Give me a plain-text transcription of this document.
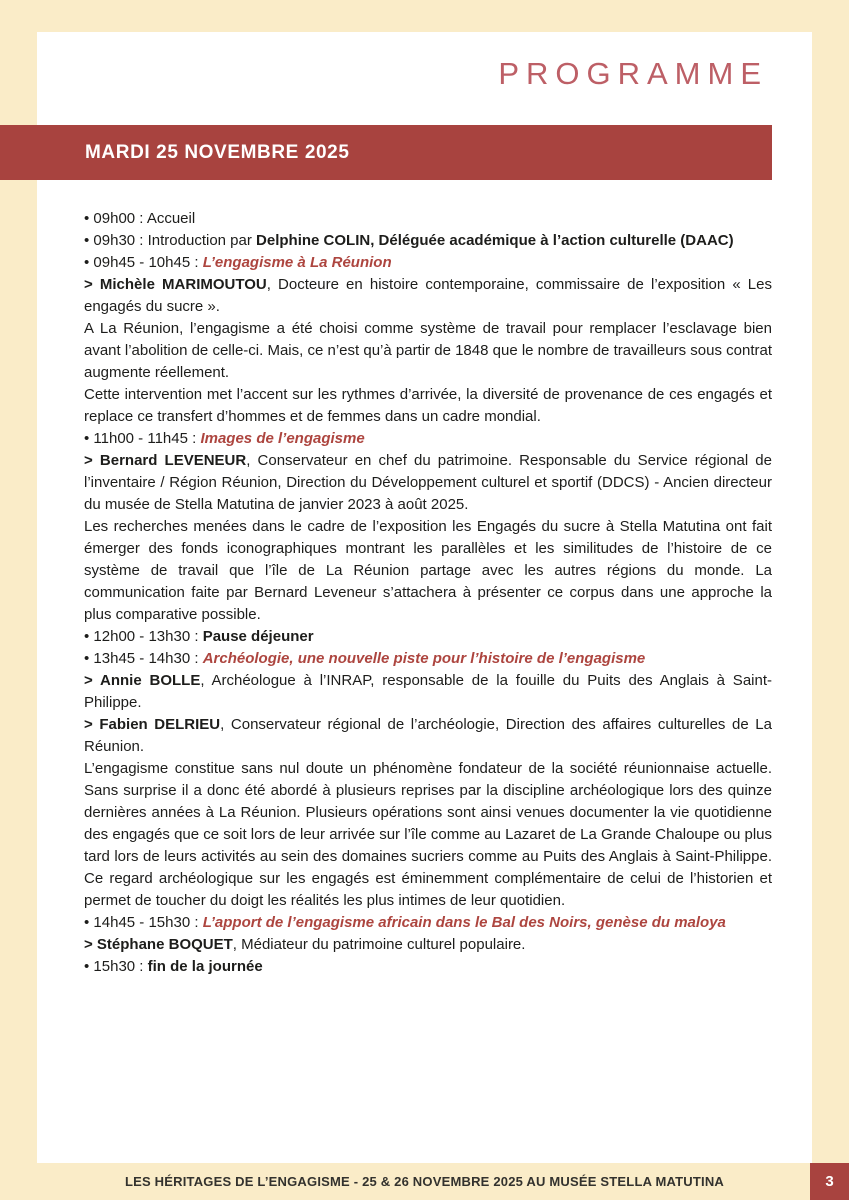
PROGRAMME

• 09h00 : Accueil

• 09h30 : Introduction par Delphine COLIN, Déléguée académique à l’action culturelle (DAAC)

• 09h45 - 10h45 : L’engagisme à La Réunion

> Michèle MARIMOUTOU, Docteure en histoire contemporaine, commissaire de l’exposition « Les engagés du sucre ».

A La Réunion, l’engagisme a été choisi comme système de travail pour remplacer l’esclavage bien avant l’abolition de celle-ci. Mais, ce n’est qu’à partir de 1848 que le nombre de travailleurs sous contrat augmente réellement.

Cette intervention met l’accent sur les rythmes d’arrivée, la diversité de provenance de ces engagés et replace ce transfert d’hommes et de femmes dans un cadre mondial.

• 11h00 - 11h45 : Images de l’engagisme

> Bernard LEVENEUR, Conservateur en chef du patrimoine. Responsable du Service régional de l’inventaire / Région Réunion, Direction du Développement culturel et sportif (DDCS) - Ancien directeur du musée de Stella Matutina de janvier 2023 à août 2025.

Les recherches menées dans le cadre de l’exposition les Engagés du sucre à Stella Matutina ont fait émerger des fonds iconographiques montrant les parallèles et les similitudes de l’histoire de ce système de travail que l’île de La Réunion partage avec les autres régions du monde. La communication faite par Bernard Leveneur s’attachera à présenter ce corpus dans une approche la plus comparative possible.

• 12h00 - 13h30 : Pause déjeuner

• 13h45 - 14h30 : Archéologie, une nouvelle piste pour l’histoire de l’engagisme

> Annie BOLLE, Archéologue à l’INRAP, responsable de la fouille du Puits des Anglais à Saint-Philippe.

> Fabien DELRIEU, Conservateur régional de l’archéologie, Direction des affaires culturelles de La Réunion.

L’engagisme constitue sans nul doute un phénomène fondateur de la société réunionnaise actuelle. Sans surprise il a donc été abordé à plusieurs reprises par la discipline archéologique lors des quinze dernières années à La Réunion. Plusieurs opérations sont ainsi venues documenter la vie quotidienne des engagés que ce soit lors de leur arrivée sur l’île comme au Lazaret de La Grande Chaloupe ou plus tard lors de leurs activités au sein des domaines sucriers comme au Puits des Anglais à Saint-Philippe. Ce regard archéologique sur les engagés est éminemment complémentaire de celui de l’historien et permet de toucher du doigt les réalités les plus intimes de leur quotidien.

• 14h45 - 15h30 : L’apport de l’engagisme africain dans le Bal des Noirs, genèse du maloya

> Stéphane BOQUET, Médiateur du patrimoine culturel populaire.

• 15h30 : fin de la journée

MARDI 25 NOVEMBRE 2025
LES HÉRITAGES DE L’ENGAGISME - 25 & 26 NOVEMBRE 2025 AU MUSÉE STELLA MATUTINA	3
